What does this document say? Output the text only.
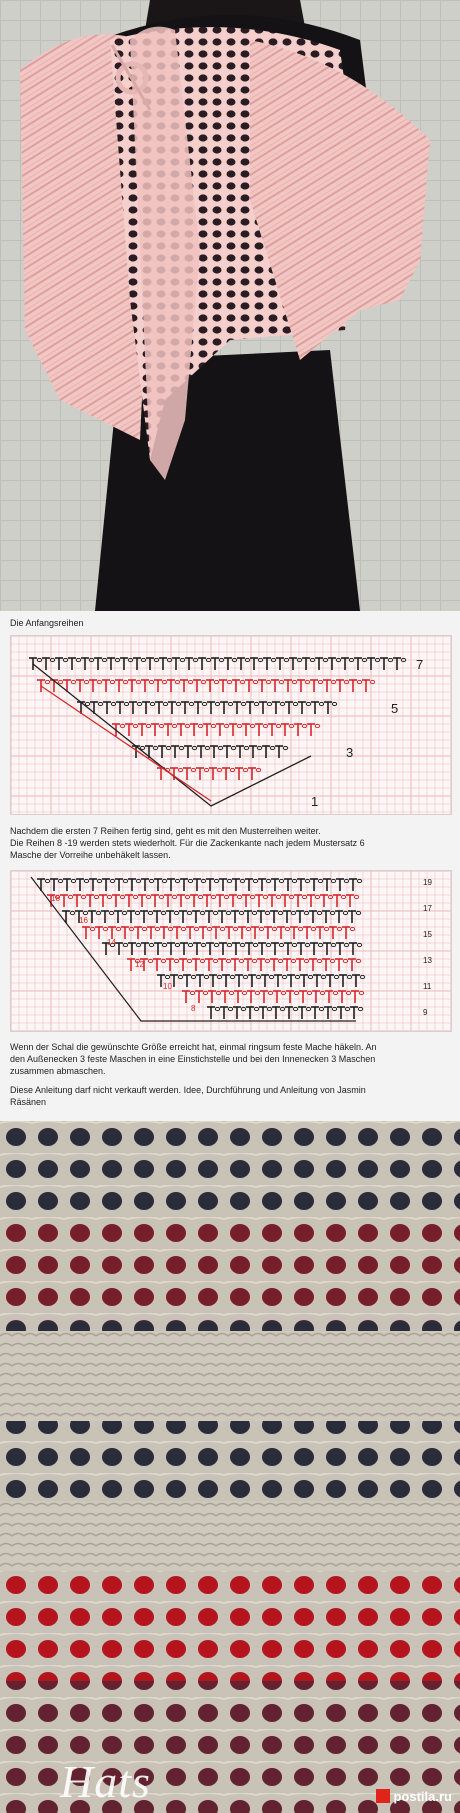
Die Anfangsreihen
7
5
3
1

Nachdem die ersten 7 Reihen fertig sind, geht es mit den Musterreihen weiter.

Die Reihen 8 -19 werden stets wiederholt. Für die Zackenkante nach jedem Mustersatz 6

Masche der Vorreihe unbehäkelt lassen.

19
17
15
13
11
9
18
16
14
12
10
8

Wenn der Schal die gewünschte Größe erreicht hat, einmal ringsum feste Mache häkeln. An

den Außenecken 3 feste Maschen in eine Einstichstelle und bei den Innenecken 3 Maschen

zusammen abmaschen.

Diese Anleitung darf nicht verkauft werden. Idee, Durchführung und Anleitung von Jasmin

Räsänen

Hats	postila.ru
